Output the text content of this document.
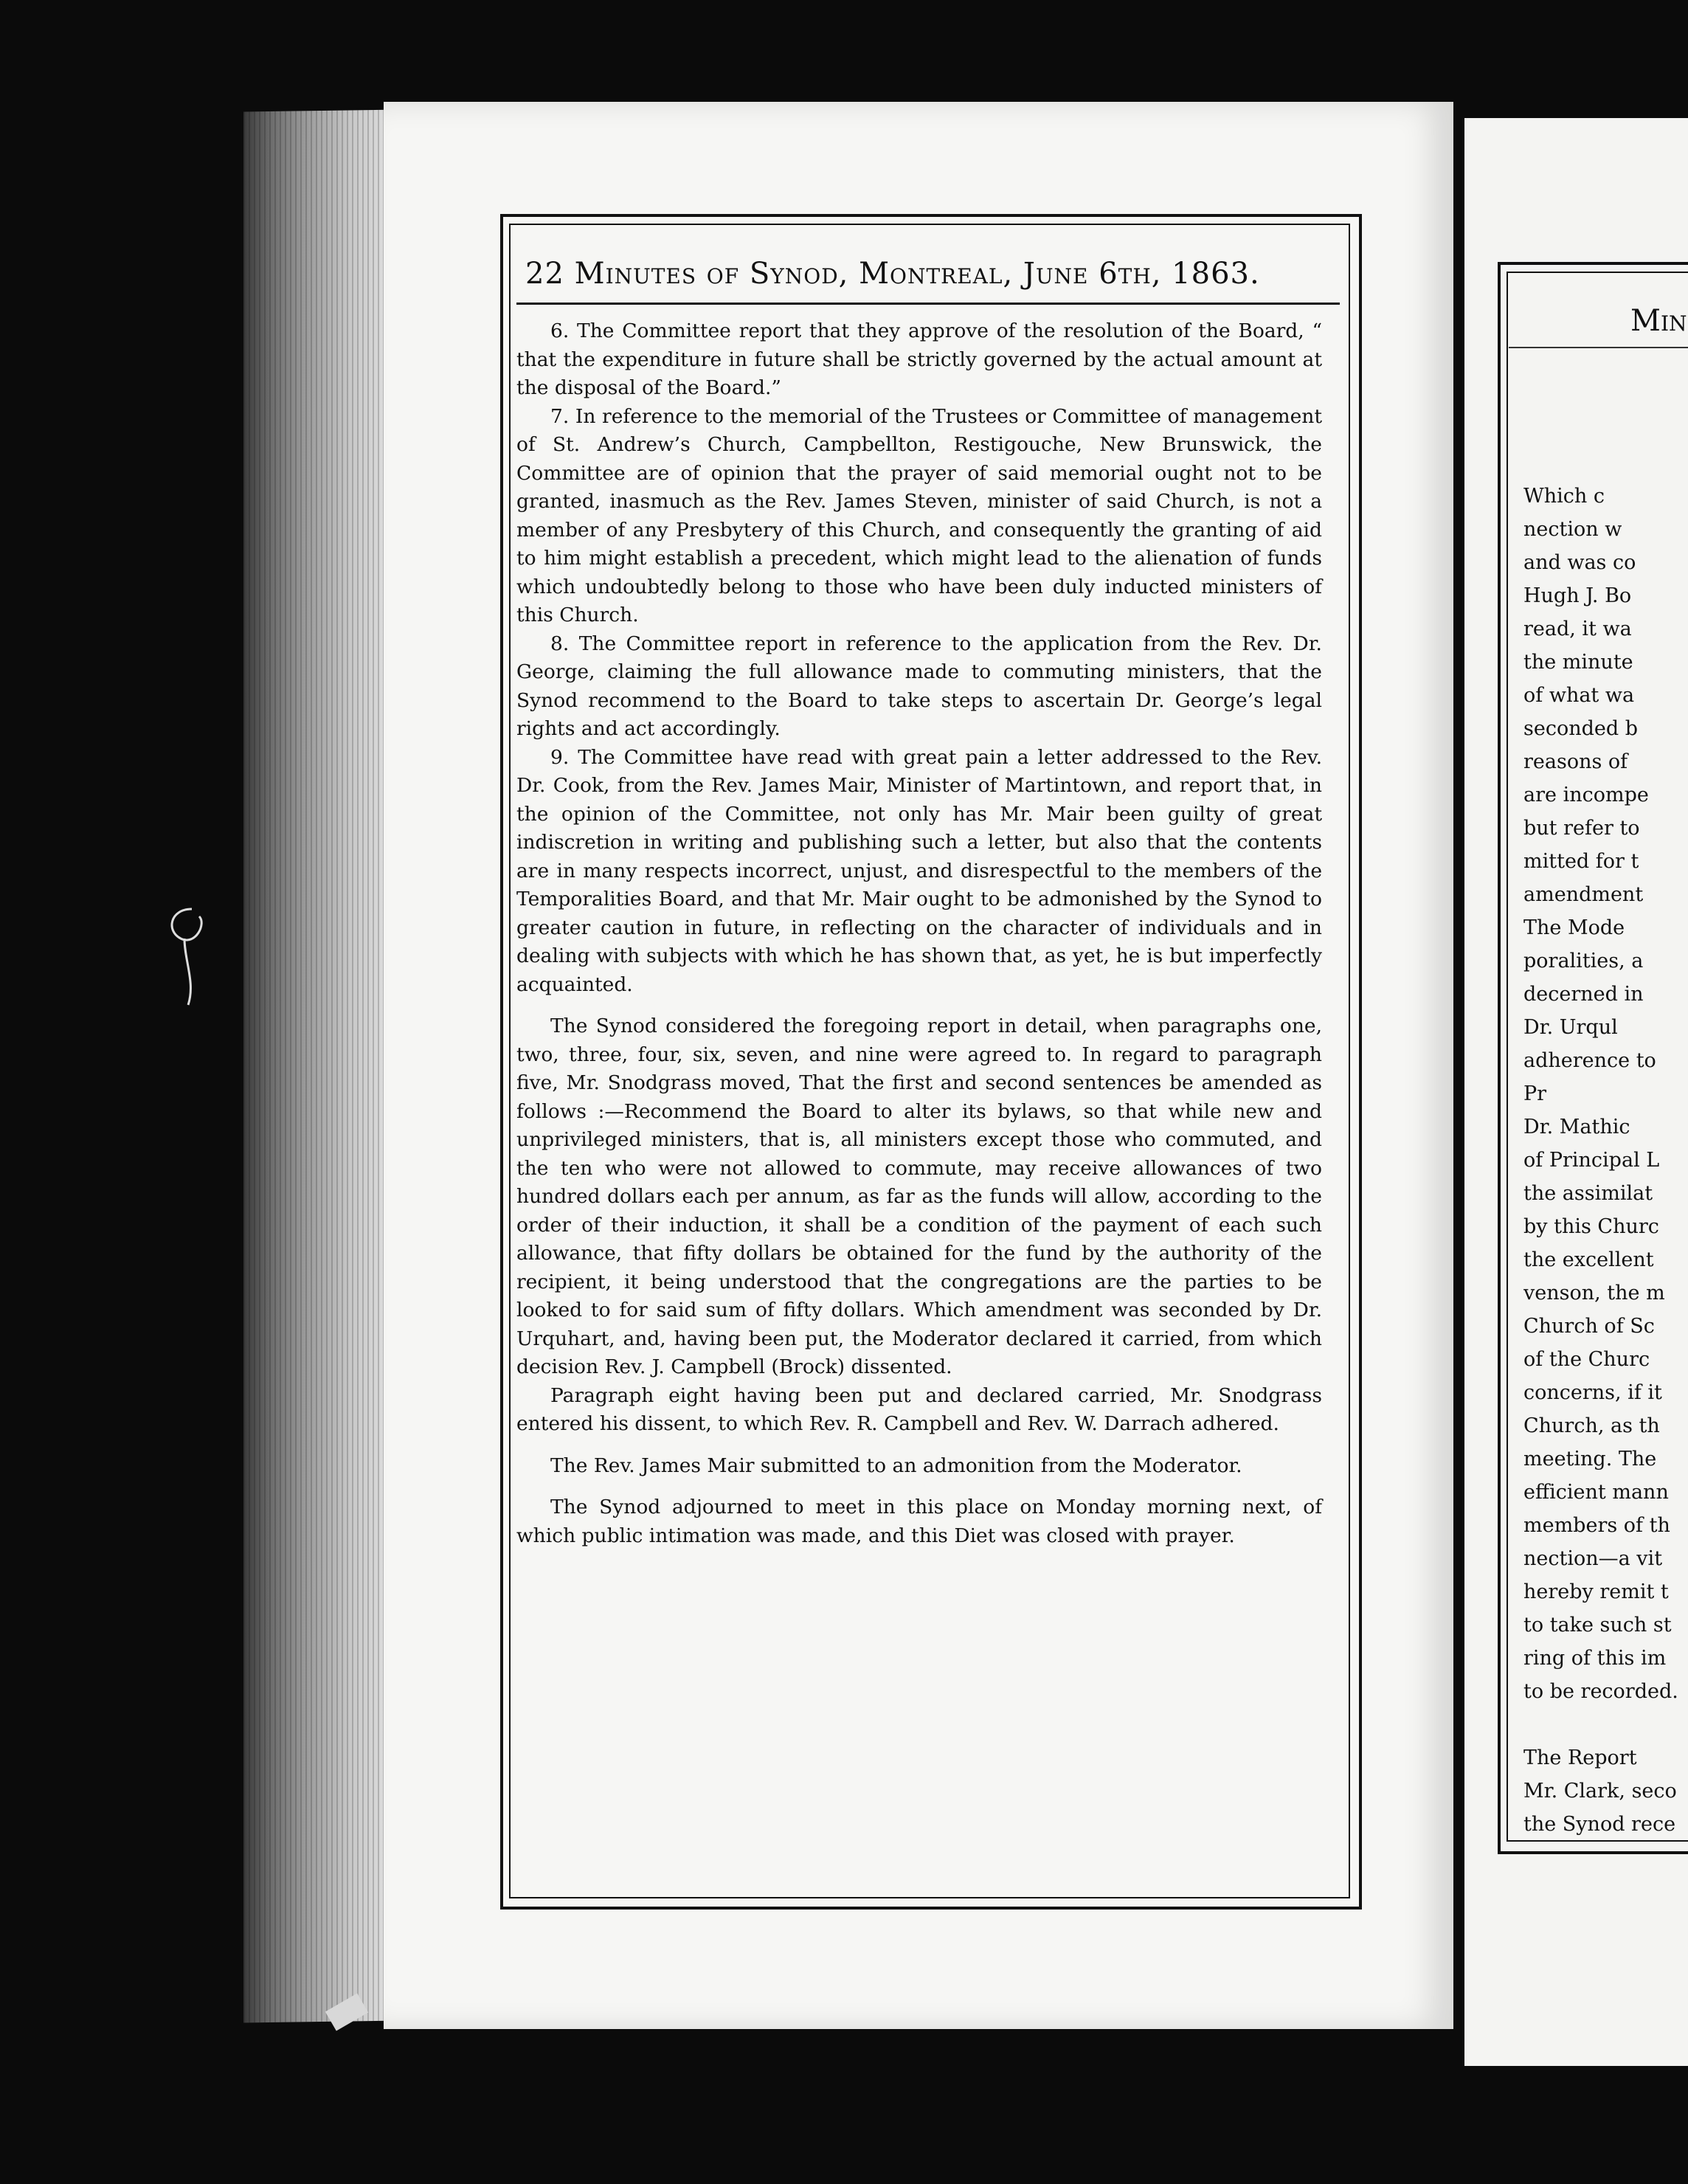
22 Minutes of Synod, Montreal, June 6th, 1863.

6. The Committee report that they approve of the resolution of the Board, “ that the expenditure in future shall be strictly governed by the actual amount at the disposal of the Board.”

7. In reference to the memorial of the Trustees or Committee of management of St. Andrew’s Church, Campbellton, Restigouche, New Brunswick, the Committee are of opinion that the prayer of said memorial ought not to be granted, inasmuch as the Rev. James Steven, minister of said Church, is not a member of any Presbytery of this Church, and consequently the granting of aid to him might establish a precedent, which might lead to the alienation of funds which undoubtedly belong to those who have been duly inducted ministers of this Church.

8. The Committee report in reference to the application from the Rev. Dr. George, claiming the full allowance made to commuting ministers, that the Synod recommend to the Board to take steps to ascertain Dr. George’s legal rights and act accordingly.

9. The Committee have read with great pain a letter addressed to the Rev. Dr. Cook, from the Rev. James Mair, Minister of Martintown, and report that, in the opinion of the Committee, not only has Mr. Mair been guilty of great indiscretion in writing and publishing such a letter, but also that the contents are in many respects incorrect, unjust, and disrespectful to the members of the Temporalities Board, and that Mr. Mair ought to be admonished by the Synod to greater caution in future, in reflecting on the character of individuals and in dealing with subjects with which he has shown that, as yet, he is but imperfectly acquainted.

The Synod considered the foregoing report in detail, when paragraphs one, two, three, four, six, seven, and nine were agreed to. In regard to paragraph five, Mr. Snodgrass moved, That the first and second sentences be amended as follows :—Recommend the Board to alter its bylaws, so that while new and unprivileged ministers, that is, all ministers except those who commuted, and the ten who were not allowed to commute, may receive allowances of two hundred dollars each per annum, as far as the funds will allow, according to the order of their induction, it shall be a condition of the payment of each such allowance, that fifty dollars be obtained for the fund by the authority of the recipient, it being understood that the congregations are the parties to be looked to for said sum of fifty dollars. Which amendment was seconded by Dr. Urquhart, and, having been put, the Moderator declared it carried, from which decision Rev. J. Campbell (Brock) dissented.

Paragraph eight having been put and declared carried, Mr. Snodgrass entered his dissent, to which Rev. R. Campbell and Rev. W. Darrach adhered.

The Rev. James Mair submitted to an admonition from the Moderator.

The Synod adjourned to meet in this place on Monday morning next, of which public intimation was made, and this Diet was closed with prayer.

Min
Which c
nection w
and was co
Hugh J. Bo
read, it wa
the minute
of what wa
seconded b
reasons of
are incompe
but refer to
mitted for t
amendment
The Mode
poralities, a
decerned in
Dr. Urqul
adherence to
Pr
Dr. Mathic
of Principal L
the assimilat
by this Churc
the excellent
venson, the m
Church of Sc
of the Churc
concerns, if it
Church, as th
meeting. The
efficient mann
members of th
nection—a vit
hereby remit t
to take such st
ring of this im
to be recorded.
The Report
Mr. Clark, seco
the Synod rece
